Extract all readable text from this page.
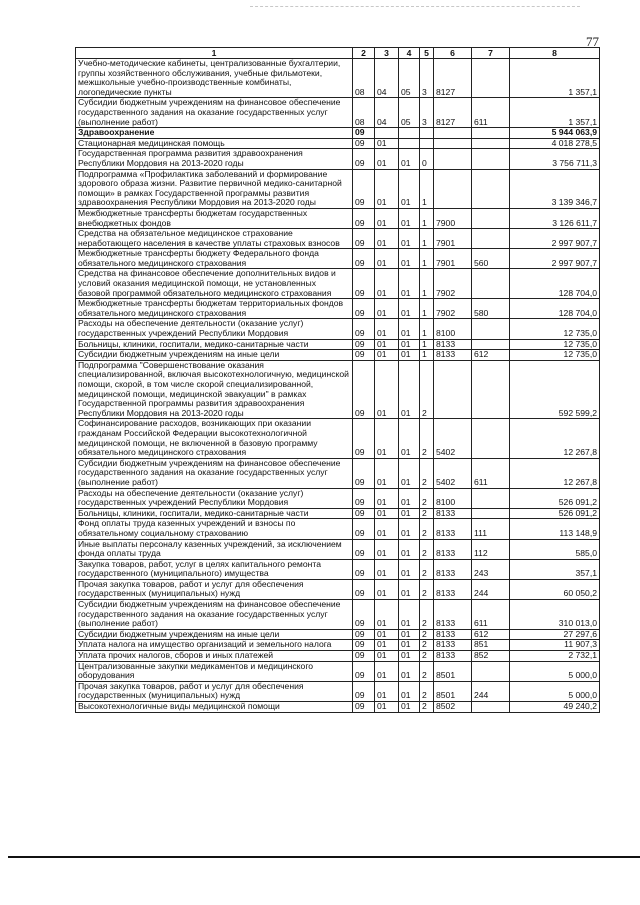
77
1	2	3	4	5	6	7	8
Учебно-методические кабинеты, централизованные бухгалтерии, группы хозяйственного обслуживания, учебные фильмотеки, межшкольные учебно-производственные комбинаты, логопедические пункты	08	04	05	3	8127		1 357,1
Субсидии бюджетным учреждениям на финансовое обеспечение государственного задания на оказание государственных услуг (выполнение работ)	08	04	05	3	8127	611	1 357,1
Здравоохранение	09						5 944 063,9
Стационарная медицинская помощь	09	01					4 018 278,5
Государственная программа развития здравоохранения Республики Мордовия на 2013-2020 годы	09	01	01	0			3 756 711,3
Подпрограмма «Профилактика заболеваний и формирование здорового образа жизни. Развитие первичной медико-санитарной помощи» в рамках Государственной программы развития здравоохранения Республики Мордовия на 2013-2020 годы	09	01	01	1			3 139 346,7
Межбюджетные трансферты бюджетам государственных внебюджетных фондов	09	01	01	1	7900		3 126 611,7
Средства на обязательное медицинское страхование неработающего населения в качестве уплаты страховых взносов	09	01	01	1	7901		2 997 907,7
Межбюджетные трансферты бюджету Федерального фонда обязательного медицинского страхования	09	01	01	1	7901	560	2 997 907,7
Средства на финансовое обеспечение дополнительных видов и условий оказания медицинской помощи, не установленных базовой программой обязательного медицинского страхования	09	01	01	1	7902		128 704,0
Межбюджетные трансферты бюджетам территориальных фондов обязательного медицинского страхования	09	01	01	1	7902	580	128 704,0
Расходы на обеспечение деятельности (оказание услуг) государственных учреждений Республики Мордовия	09	01	01	1	8100		12 735,0
Больницы, клиники, госпитали, медико-санитарные части	09	01	01	1	8133		12 735,0
Субсидии бюджетным учреждениям на иные цели	09	01	01	1	8133	612	12 735,0
Подпрограмма "Совершенствование оказания специализированной, включая высокотехнологичную, медицинской помощи, скорой, в том числе скорой специализированной, медицинской помощи, медицинской эвакуации" в рамках Государственной программы развития здравоохранения Республики Мордовия на 2013-2020 годы	09	01	01	2			592 599,2
Софинансирование расходов, возникающих при оказании гражданам Российской Федерации высокотехнологичной медицинской помощи, не включенной в базовую программу обязательного медицинского страхования	09	01	01	2	5402		12 267,8
Субсидии бюджетным учреждениям на финансовое обеспечение государственного задания на оказание государственных услуг (выполнение работ)	09	01	01	2	5402	611	12 267,8
Расходы на обеспечение деятельности (оказание услуг) государственных учреждений Республики Мордовия	09	01	01	2	8100		526 091,2
Больницы, клиники, госпитали, медико-санитарные части	09	01	01	2	8133		526 091,2
Фонд оплаты труда казенных учреждений и взносы по обязательному социальному страхованию	09	01	01	2	8133	111	113 148,9
Иные выплаты персоналу казенных учреждений, за исключением фонда оплаты труда	09	01	01	2	8133	112	585,0
Закупка товаров, работ, услуг в целях капитального ремонта государственного (муниципального) имущества	09	01	01	2	8133	243	357,1
Прочая закупка товаров, работ и услуг для обеспечения государственных (муниципальных) нужд	09	01	01	2	8133	244	60 050,2
Субсидии бюджетным учреждениям на финансовое обеспечение государственного задания на оказание государственных услуг (выполнение работ)	09	01	01	2	8133	611	310 013,0
Субсидии бюджетным учреждениям на иные цели	09	01	01	2	8133	612	27 297,6
Уплата налога на имущество организаций и земельного налога	09	01	01	2	8133	851	11 907,3
Уплата прочих налогов, сборов и иных платежей	09	01	01	2	8133	852	2 732,1
Централизованные закупки медикаментов и медицинского оборудования	09	01	01	2	8501		5 000,0
Прочая закупка товаров, работ и услуг для обеспечения государственных (муниципальных) нужд	09	01	01	2	8501	244	5 000,0
Высокотехнологичные виды медицинской помощи	09	01	01	2	8502		49 240,2
